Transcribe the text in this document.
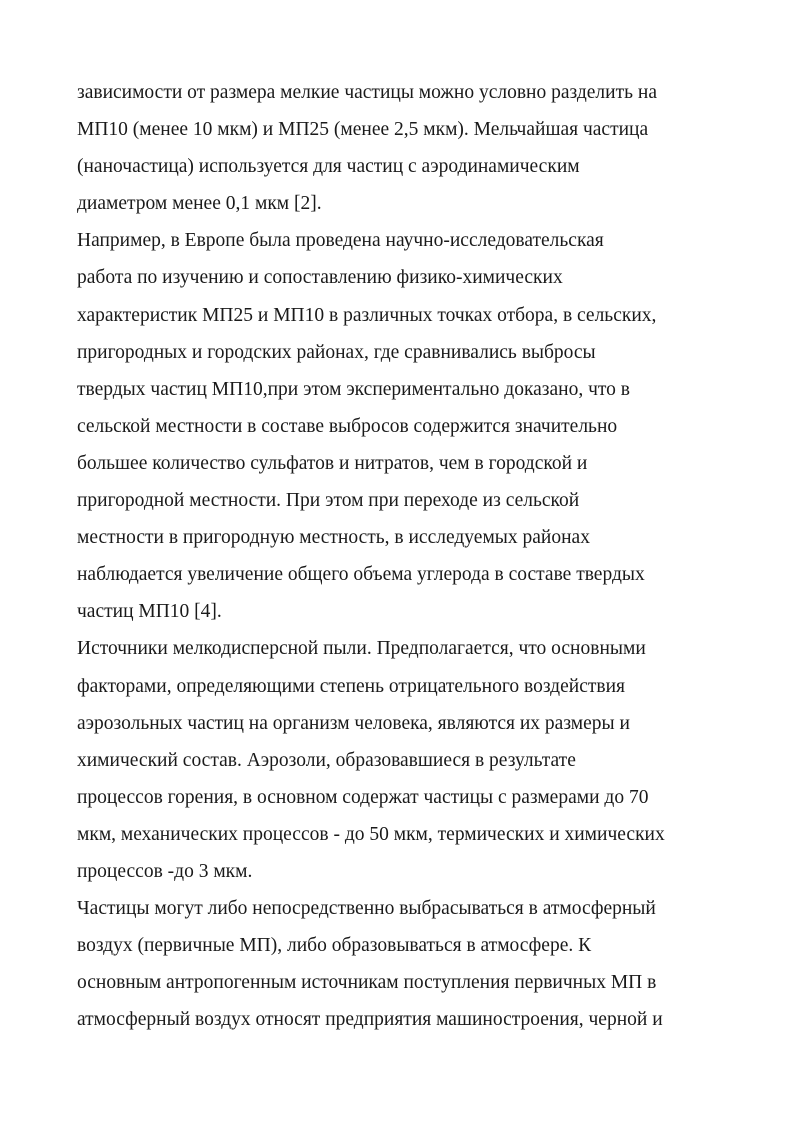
зависимости от размера мелкие частицы можно условно разделить на
МП10 (менее 10 мкм) и МП25 (менее 2,5 мкм). Мельчайшая частица
(наночастица) используется для частиц с аэродинамическим
диаметром менее 0,1 мкм [2].
Например, в Европе была проведена научно-исследовательская
работа по изучению и сопоставлению физико-химических
характеристик МП25 и МП10 в различных точках отбора, в сельских,
пригородных и городских районах, где сравнивались выбросы
твердых частиц МП10,при этом экспериментально доказано, что в
сельской местности в составе выбросов содержится значительно
большее количество сульфатов и нитратов, чем в городской и
пригородной местности. При этом при переходе из сельской
местности в пригородную местность, в исследуемых районах
наблюдается увеличение общего объема углерода в составе твердых
частиц МП10 [4].
Источники мелкодисперсной пыли. Предполагается, что основными
факторами, определяющими степень отрицательного воздействия
аэрозольных частиц на организм человека, являются их размеры и
химический состав. Аэрозоли, образовавшиеся в результате
процессов горения, в основном содержат частицы с размерами до 70
мкм, механических процессов - до 50 мкм, термических и химических
процессов -до 3 мкм.
Частицы могут либо непосредственно выбрасываться в атмосферный
воздух (первичные МП), либо образовываться в атмосфере. К
основным антропогенным источникам поступления первичных МП в
атмосферный воздух относят предприятия машиностроения, черной и
